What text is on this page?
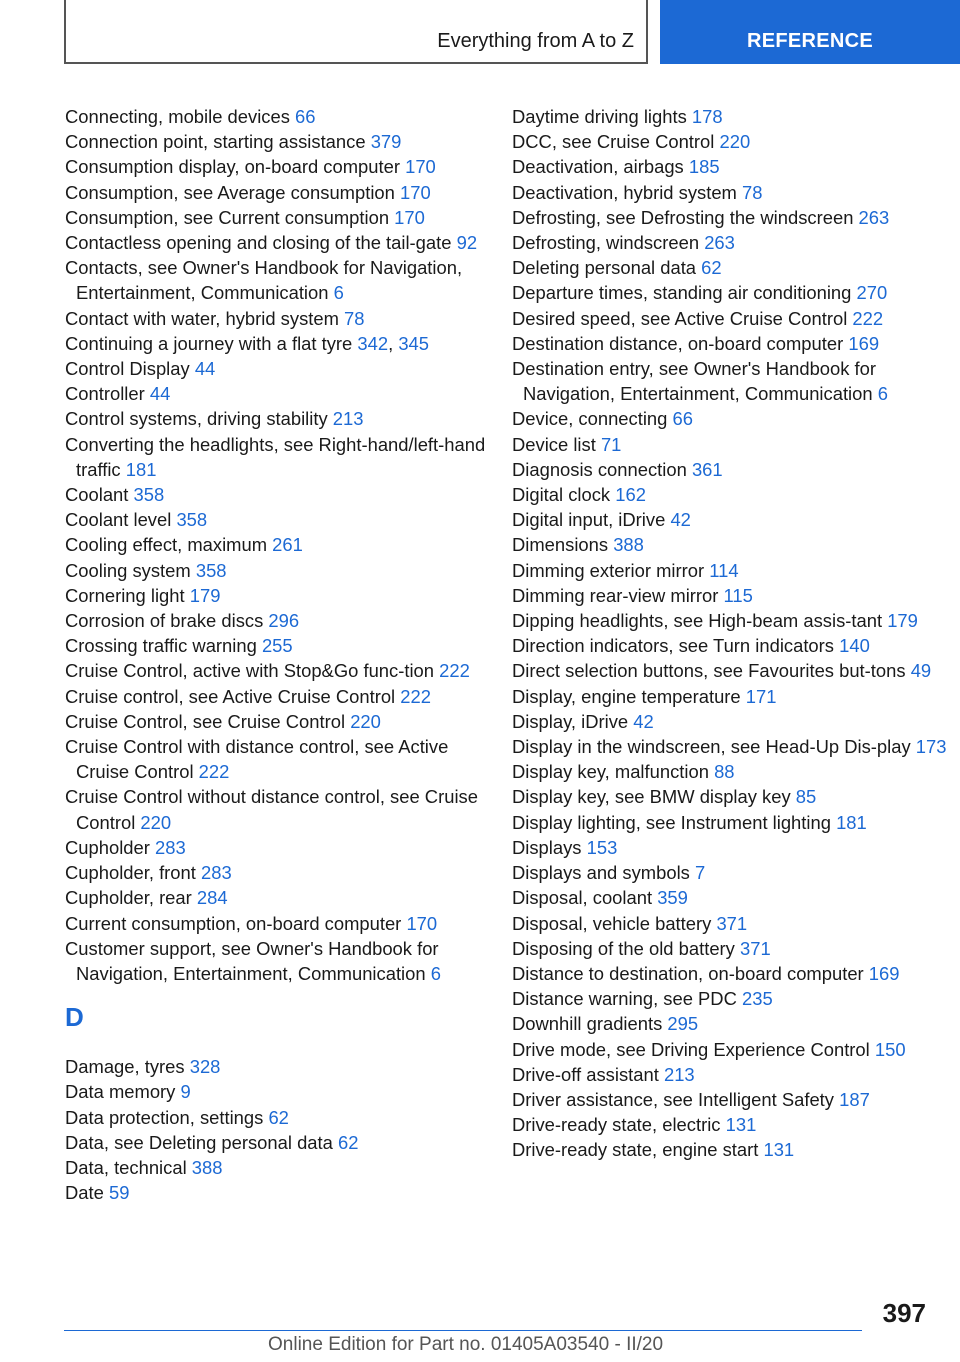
Everything from A to Z	REFERENCE
Connecting, mobile devices 66
Connection point, starting assistance 379
Consumption display, on-board computer 170
Consumption, see Average consumption 170
Consumption, see Current consumption 170
Contactless opening and closing of the tail-gate 92
Contacts, see Owner's Handbook for Navigation, Entertainment, Communication 6
Contact with water, hybrid system 78
Continuing a journey with a flat tyre 342, 345
Control Display 44
Controller 44
Control systems, driving stability 213
Converting the headlights, see Right-hand/left-hand traffic 181
Coolant 358
Coolant level 358
Cooling effect, maximum 261
Cooling system 358
Cornering light 179
Corrosion of brake discs 296
Crossing traffic warning 255
Cruise Control, active with Stop&Go func-tion 222
Cruise control, see Active Cruise Control 222
Cruise Control, see Cruise Control 220
Cruise Control with distance control, see Active Cruise Control 222
Cruise Control without distance control, see Cruise Control 220
Cupholder 283
Cupholder, front 283
Cupholder, rear 284
Current consumption, on-board computer 170
Customer support, see Owner's Handbook for Navigation, Entertainment, Communication 6
D
Damage, tyres 328
Data memory 9
Data protection, settings 62
Data, see Deleting personal data 62
Data, technical 388
Date 59
Daytime driving lights 178
DCC, see Cruise Control 220
Deactivation, airbags 185
Deactivation, hybrid system 78
Defrosting, see Defrosting the windscreen 263
Defrosting, windscreen 263
Deleting personal data 62
Departure times, standing air conditioning 270
Desired speed, see Active Cruise Control 222
Destination distance, on-board computer 169
Destination entry, see Owner's Handbook for Navigation, Entertainment, Communication 6
Device, connecting 66
Device list 71
Diagnosis connection 361
Digital clock 162
Digital input, iDrive 42
Dimensions 388
Dimming exterior mirror 114
Dimming rear-view mirror 115
Dipping headlights, see High-beam assis-tant 179
Direction indicators, see Turn indicators 140
Direct selection buttons, see Favourites but-tons 49
Display, engine temperature 171
Display, iDrive 42
Display in the windscreen, see Head-Up Dis-play 173
Display key, malfunction 88
Display key, see BMW display key 85
Display lighting, see Instrument lighting 181
Displays 153
Displays and symbols 7
Disposal, coolant 359
Disposal, vehicle battery 371
Disposing of the old battery 371
Distance to destination, on-board computer 169
Distance warning, see PDC 235
Downhill gradients 295
Drive mode, see Driving Experience Control 150
Drive-off assistant 213
Driver assistance, see Intelligent Safety 187
Drive-ready state, electric 131
Drive-ready state, engine start 131
397
Online Edition for Part no. 01405A03540 - II/20
